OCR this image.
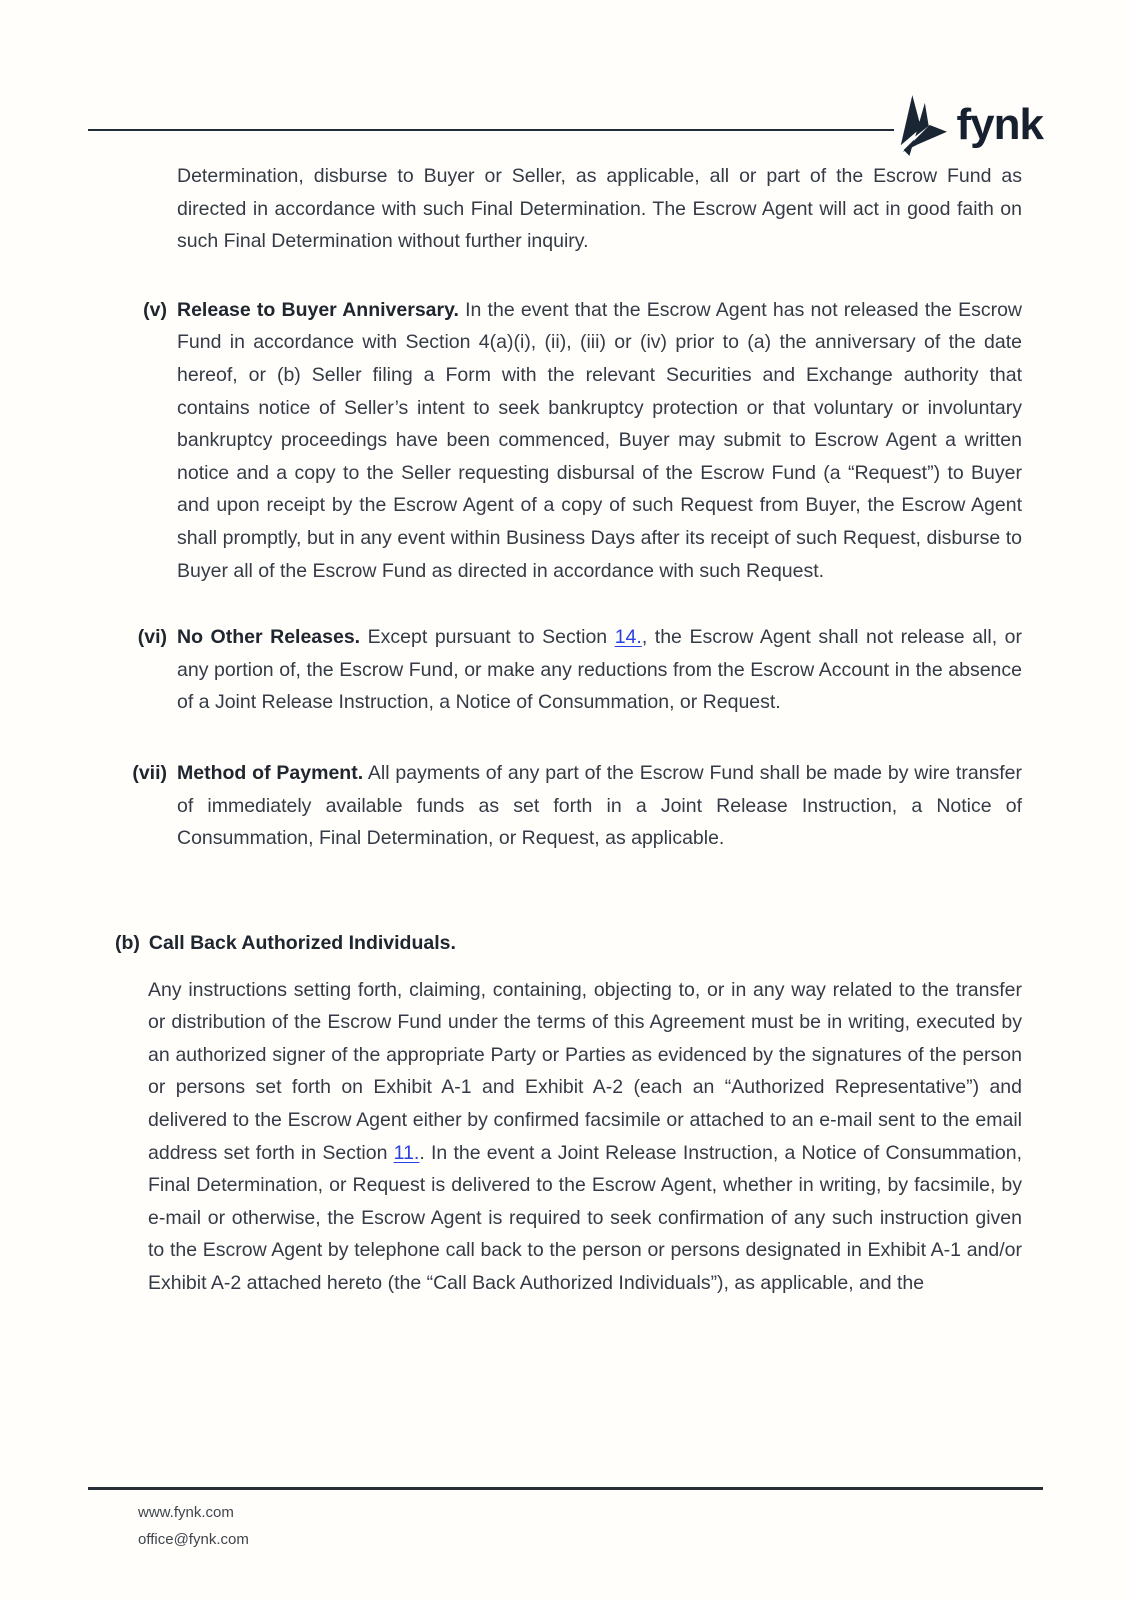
fynk

Determination, disburse to Buyer or Seller, as applicable, all or part of the Escrow Fund as directed in accordance with such Final Determination. The Escrow Agent will act in good faith on such Final Determination without further inquiry.

(v) Release to Buyer Anniversary. In the event that the Escrow Agent has not released the Escrow Fund in accordance with Section 4(a)(i), (ii), (iii) or (iv) prior to (a) the anniversary of the date hereof, or (b) Seller filing a Form with the relevant Securities and Exchange authority that contains notice of Seller’s intent to seek bankruptcy protection or that voluntary or involuntary bankruptcy proceedings have been commenced, Buyer may submit to Escrow Agent a written notice and a copy to the Seller requesting disbursal of the Escrow Fund (a “Request”) to Buyer and upon receipt by the Escrow Agent of a copy of such Request from Buyer, the Escrow Agent shall promptly, but in any event within Business Days after its receipt of such Request, disburse to Buyer all of the Escrow Fund as directed in accordance with such Request.

(vi) No Other Releases. Except pursuant to Section 14., the Escrow Agent shall not release all, or any portion of, the Escrow Fund, or make any reductions from the Escrow Account in the absence of a Joint Release Instruction, a Notice of Consummation, or Request.

(vii) Method of Payment. All payments of any part of the Escrow Fund shall be made by wire transfer of immediately available funds as set forth in a Joint Release Instruction, a Notice of Consummation, Final Determination, or Request, as applicable.

(b) Call Back Authorized Individuals.

Any instructions setting forth, claiming, containing, objecting to, or in any way related to the transfer or distribution of the Escrow Fund under the terms of this Agreement must be in writing, executed by an authorized signer of the appropriate Party or Parties as evidenced by the signatures of the person or persons set forth on Exhibit A-1 and Exhibit A-2 (each an “Authorized Representative”) and delivered to the Escrow Agent either by confirmed facsimile or attached to an e-mail sent to the email address set forth in Section 11.. In the event a Joint Release Instruction, a Notice of Consummation, Final Determination, or Request is delivered to the Escrow Agent, whether in writing, by facsimile, by e-mail or otherwise, the Escrow Agent is required to seek confirmation of any such instruction given to the Escrow Agent by telephone call back to the person or persons designated in Exhibit A-1 and/or Exhibit A-2 attached hereto (the “Call Back Authorized Individuals”), as applicable, and the

www.fynk.com
office@fynk.com
